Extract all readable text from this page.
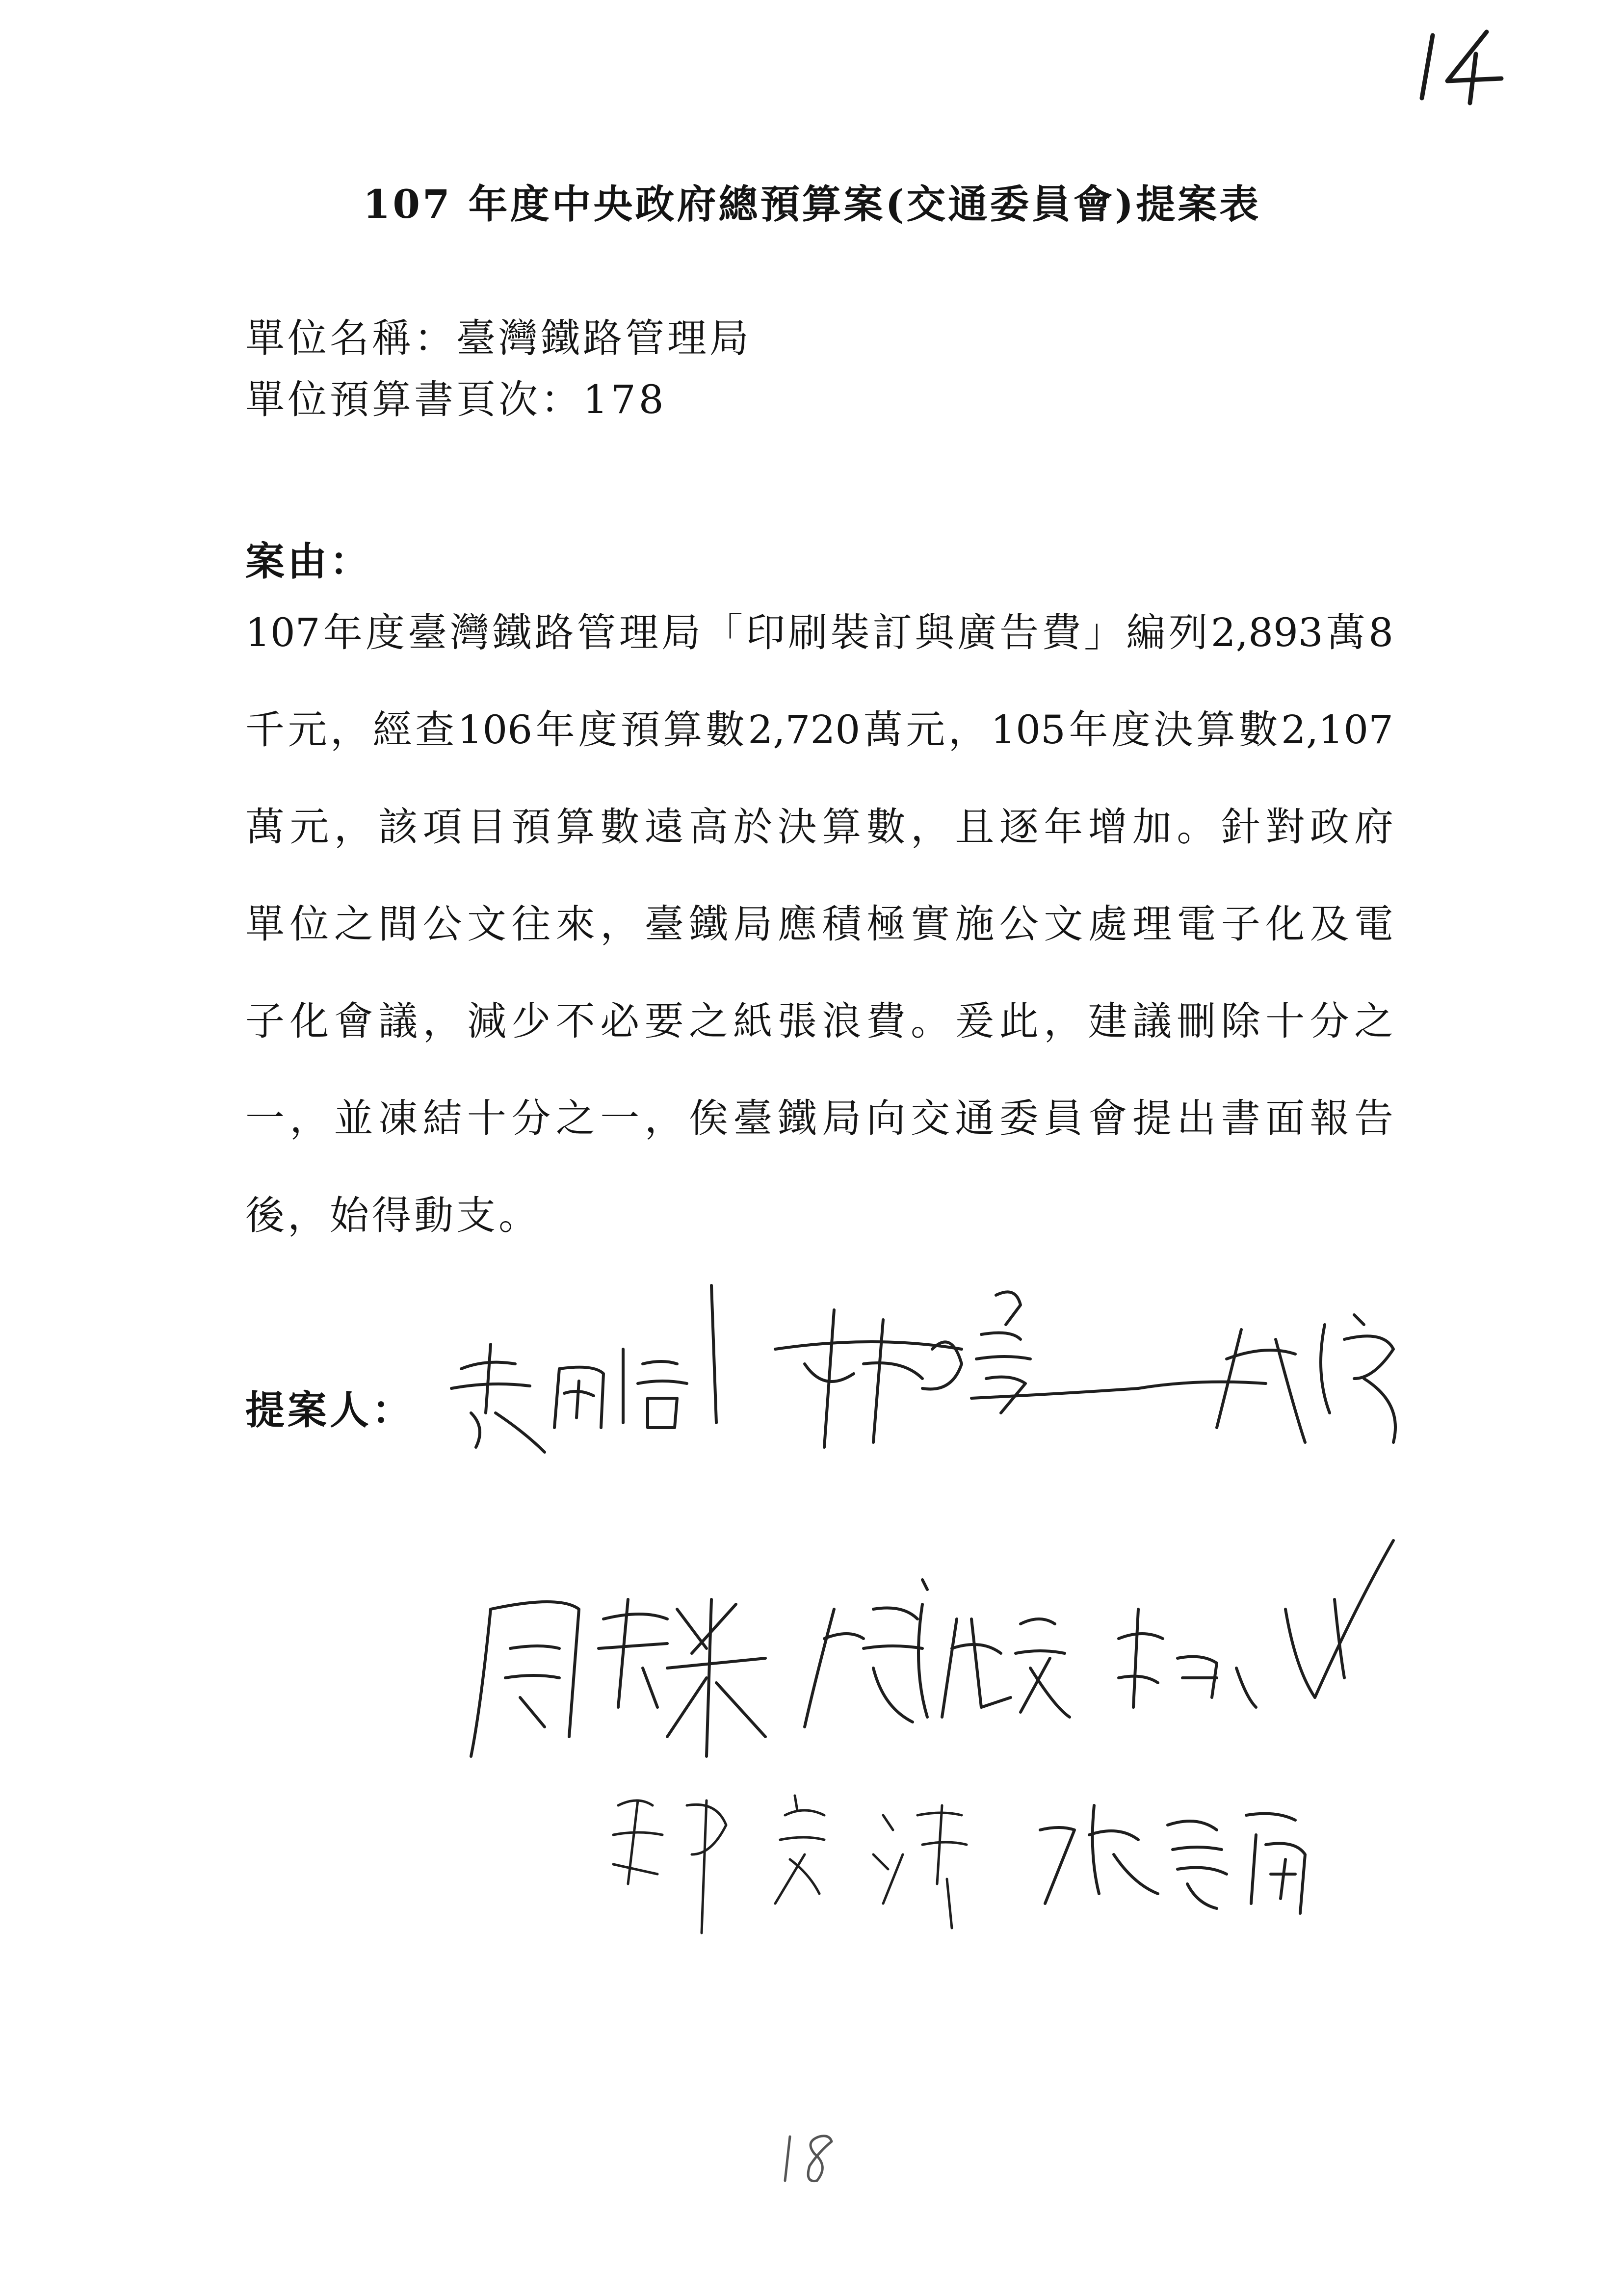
107 年度中央政府總預算案(交通委員會)提案表
單位名稱：臺灣鐵路管理局
單位預算書頁次：178
案由：
107年度臺灣鐵路管理局「印刷裝訂與廣告費」編列2,893萬8
千元，經查106年度預算數2,720萬元，105年度決算數2,107
萬元，該項目預算數遠高於決算數，且逐年增加。針對政府
單位之間公文往來，臺鐵局應積極實施公文處理電子化及電
子化會議，減少不必要之紙張浪費。爰此，建議刪除十分之
一，並凍結十分之一，俟臺鐵局向交通委員會提出書面報告
後，始得動支。
提案人：
